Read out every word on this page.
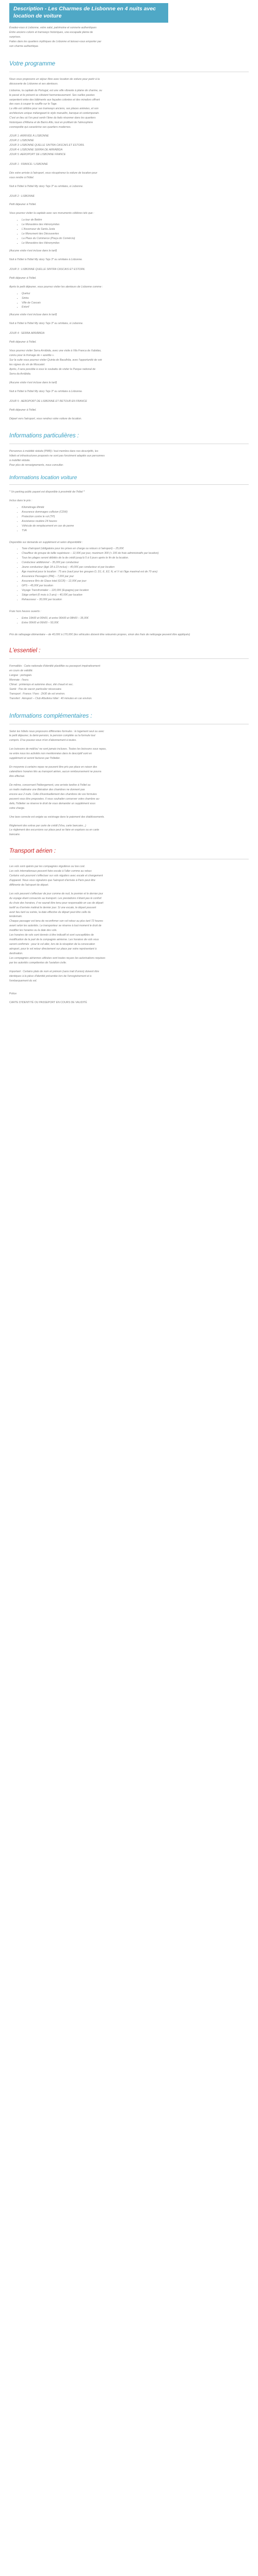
Description - Les Charmes de Lisbonne en 4 nuits avec location de voiture

Évadez-vous à Lisbonne, votre salut, patrimoine et sonnerie authentiques

Entre anciens coloris et tramways historiques, une escapade pleine de

surprises.

Faites dans les quartiers mythiques de Lisbonne et laissez-vous emporter par

son charme authentique.

Votre programme

Nous vous proposons un séjour libre avec location de voiture pour partir à la

découverte de Lisbonne et ses alentours.

Lisbonne, la capitale du Portugal, est une ville vibrante à plaine de charme, ou

le passé et le présent se côtoient harmonieusement. Ses ruelles pavées

serpentent entre des bâtiments aux façades colorées et des miradors offrant

des vues à couper le souffle sur le Tage.

La ville est célèbre pour ses tramways anciens, ses places animées, et son

architecture unique mélangeant le style manuélin, baroque et contemporain.

C'est un lieu où l'on peut sentir l'âme du fado résonner dans les quartiers

historiques d'Alfama et de Bairro Alto, tout en profitant de l'atmosphère

cosmopolite qui caractérise ses quartiers modernes.

JOUR 1: ARRIVÉE À LISBONNE

JOUR 2: LISBONNE

JOUR 3: LISBONNE QUELLE SINTRA CASCAIS ET ESTORIL

JOUR 4: LISBONNE SERRA DE ARRÁBIDA

JOUR 5: AEROPORT DE LISBONNE FRANCE

JOUR 1 : FRANCE / LISBONNE

Dès votre arrivée à l'aéroport, vous récupérerez la voiture de location pour

vous rendre à l'hôtel.

Nuit à l'hôtel à l'hôtel My story Tejo 3* ou similaire, à Lisbonne.

JOUR 2 : LISBONNE

Petit déjeuner à l'hôtel.

Vous pourrez visiter la capitale avec ses monuments célèbres tels que :

▪ La tour de Belém
▪ Le Monastère des Hiéronymites
▪ L'Ascenseur de Santa Justa
▪ Le Monument des Découvertes
▪ La Place du Commerce (Praça do Comércio)
▪ Le Monastère des Hiéronymites

(Aucune visite n'est incluse dans le tarif)

Nuit à l'hôtel à l'hôtel My story Tejo 3* ou similaire à Lisbonne.

JOUR 3 : LISBONNE QUELLE SINTRA CASCAIS ET ESTORIL

Petit déjeuner à l'hôtel.

Après le petit déjeuner, vous pourrez visiter les alentours de Lisbonne comme :

▪ Queluz
▪ Sintra
▪ Ville de Cascais
▪ Estoril

(Aucune visite n'est incluse dans le tarif)

Nuit à l'hôtel à l'hôtel My story Tejo 3* ou similaire, à Lisbonne.

JOUR 4 : SERRA ARRÁBIDA

Petit déjeuner à l'hôtel.

Vous pourrez visiter Serra Arrábida, avec une visite à Vila Franca de Xabidas,

connu pour la fromage de « azeitão ».

Sur la suite vous pourrez visiter Quinta de Bacalhôa, avec l'opportunité de voir

les vignes du vin de Moscatel.

Après, il sera possible à vous le soubattu de visiter le Parque national de

Serra da Arrábida.

(Aucune visite n'est incluse dans le tarif)

Nuit à l'hôtel à l'hôtel My story Tejo 3* ou similaire à Lisbonne.

JOUR 5 : AEROPORT DE LISBONNE ET RETOUR EN FRANCE

Petit déjeuner à l'hôtel.

Départ vers l'aéroport, vous rendrez votre voiture de location.

Informations particulières :

Personnes à mobilité réduite (PMR) / tout membre dans nos descriptifs, les

hôtels et infrastructures proposés ne sont pas forcément adaptés aux personnes

à mobilité réduite.

Pour plus de renseignements, nous consulter.

Informations location voiture

* Un parking public payant est disponible à proximité de l'hôtel *

Inclus dans le prix :

• Kilométrage illimité
• Assurance dommages collision (CDW)
• Protection contre le vol (TP)
• Assistance routière 24 heures
• Véhicule de remplacement en cas de panne
• TVA

Disponible sur demande en supplément et selon disponibilité :

• Taxe d'aéroport (obligatoire pour les prises en charge ou retours à l'aéroport) – 25,00€
• Chauffeur de groupe de taille supérieure – 12,90€ par jour, maximum 300 (+ 10€ de frais administratifs par location)
• Tous les plages seront débités de la de crédit jusqu'à 5 à 6 jours après le fin de la location.
• Conducteur additionnel – 35,00€ par conducteur
• Jeune conducteur (âgé 18 à 23 inclus) – 40,00€ par conducteur et par location
• Âge maximal pour la location : 75 ans (sauf pour les groupes D, D1, E, E2, N, et V où l'âge maximal est de 70 ans)
• Assurance Passagers (PAI) – 7,00€ par jour
• Assurance Bris de Glace total (GCR) – 12,00€ par jour
• GPS – 45,00€ par location
• Voyage Transfrontalier – 120,00€ (Espagne) par location
• Siège enfant (0 mois à 3 ans) – 40,00€ par location
• Rehausseur – 30,00€ par location

Frais hors heures ouverts :

• Entre 19h00 et 00h00, et entre 06h00 et 08h00 – 35,00€
• Entre 00h00 et 06h00 – 50,00€

Prix de rattrapage élémentaire – de 40,00€ à 170,00€ (les véhicules doivent être retournés propres, sinon des frais de nettoyage peuvent être appliqués)

L'essentiel :

Formalités : Carte nationale d'identité plastifiée ou passeport impérativement

en cours de validité.

Langue : portugais.

Monnaie : l'euro.

Climat : printemps et automne doux, été chaud et sec.

Santé : Pas de vaccin particulier nécessaire.

Transport : France / Faro : 2h30 de vol environ.

Transfert : Aéroport – Club Albufeira hôtel : 40 minutes en car environ.

Informations complémentaires :

Selon les hôtels nous proposons différentes formules : le logement seul ou avec

le petit déjeuner, la demi-pension, la pension complète ou la formule tout

compris. D'ou pouvez-vous m'en d'abonnement à toutes.

Les boissons de midi/ou' ne sont jamais incluses. Toutes les boissons sous repas,

ne entre nous les activités non mentionnées dans le descriptif sont en

supplément et seront factures par l'hôtelier.

En moyenne à certains repas ne pouvent être pris par place en raison des

calendriers horaires liés au transport aérien, aucun remboursement ne pourra

être effectué.

De même, concernant l'hébergement, une arrivée tardive à l'hôtel ou

un matin matinaire une libération des chambres ne donnent pas

encore aux 2 nuits. Celle d'éventuellement des chambres de vos formules

peuvent vous être proposées. Il vous souhaiter conserver votre chambre au-

delà, l'hôtelier se réserve le droit de vous demander un supplément sous

votre charge.

Une taxe correcte est exigée au voisinage dans le paiement des établissements.

Réglement des extras par carte de crédit (Visa, carte bancaire...)

Le règlement des excursions sur place peut se faire en espèces ou en carte

bancaire.

Transport aérien :

Les vols sont opérés par les compagnies régulières ou low cost.

Les vols internationaux peuvent faire escale à l'aller comme au retour.

Certains vols pourront s'effectuer sur vols réguliers avec escale et changement

d'appareil. Nous vous signalons que l'aéroport d'arrivée à Paris peut être

différente de l'aéroport de départ.

Les vols peuvent s'effectuer de jour comme de nuit, le premier et le dernier jour

du voyage étant consacrés au transport. Les prestations n'étant pas le confort

du choix des horaires, il ne saurait être tenu pour responsable en cas de départ

tardif ou d'arrivée matinal le dernier jour. Si une escale, le départ pouvant

avoir lieu tard ou soirée, la date effective du départ peut être celle du

lendemain.

Chaque passager est tenu de reconfirmer son vol retour au plus tard 72 heures

avant selon les autorités. Le transporteur se réserve à tout moment le droit de

modifier les horaires ou la date des vols.

Les horaires de vols sont donnés à titre indicatif et sont susceptibles de

modification de la part de la compagnie aérienne. Les horaires de vols vous

seront confirmés : pour le vol aller, lors de la réception de la convocation

aéroport, pour le vol retour directement sur place par votre représentant à

destination.

Les compagnies aériennes utilisées sont toutes reçues les autorisations requises

par les autorités compétentes de l'aviation civile.

Important : Certains plats de nom et prénom (sans trait d'union) doivent être

identiques à la pièce d'identité présentée lors de l'enregistrement et à

l'embarquement du vol.

Police

CARTE D'IDENTITÉ OU PASSEPORT EN COURS DE VALIDITÉ
